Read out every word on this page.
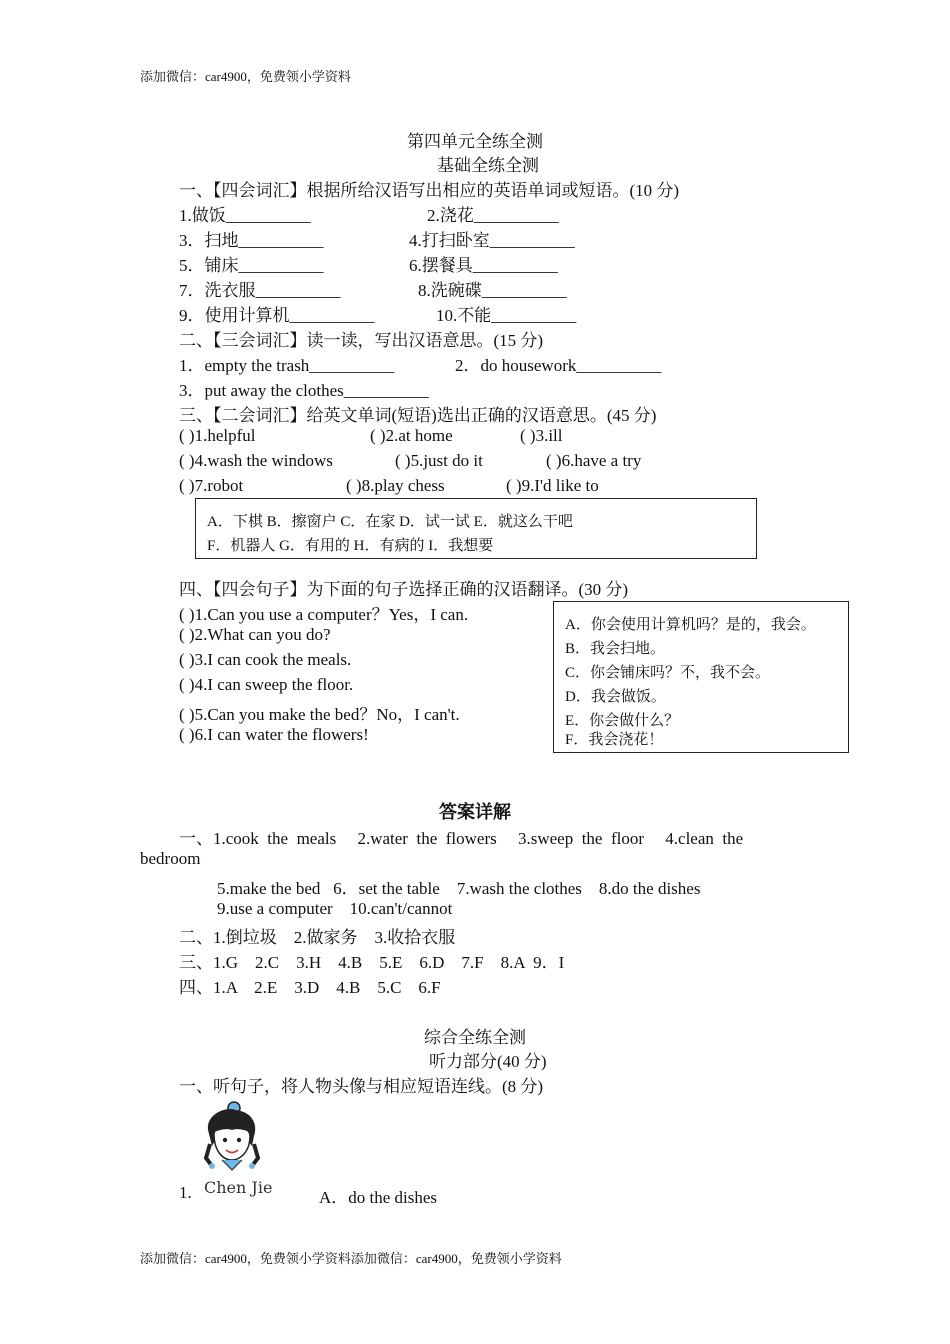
添加微信：car4900，免费领小学资料
第四单元全练全测
基础全练全测
一、【四会词汇】根据所给汉语写出相应的英语单词或短语。(10 分)
1.做饭__________	2.浇花__________
3．扫地__________	4.打扫卧室__________
5．铺床__________	6.摆餐具__________
7．洗衣服__________	8.洗碗碟__________
9．使用计算机__________	10.不能__________
二、【三会词汇】读一读，写出汉语意思。(15 分)
1．empty the trash__________	2．do housework__________
3．put away the clothes__________
三、【二会词汇】给英文单词(短语)选出正确的汉语意思。(45 分)
( )1.helpful	( )2.at home	( )3.ill
( )4.wash the windows	( )5.just do it	( )6.have a try
( )7.robot	( )8.play chess	( )9.I'd like to
A．下棋 B．擦窗户 C．在家 D．试一试 E．就这么干吧
F．机器人 G．有用的 H．有病的 I．我想要
四、【四会句子】为下面的句子选择正确的汉语翻译。(30 分)
( )1.Can you use a computer？Yes，I can.
( )2.What can you do?
( )3.I can cook the meals.
( )4.I can sweep the floor.
( )5.Can you make the bed？No，I can't.
( )6.I can water the flowers!
A．你会使用计算机吗？是的，我会。
B．我会扫地。
C．你会铺床吗？不，我不会。
D．我会做饭。
E．你会做什么？
F．我会浇花！
答案详解
一、1.cook  the  meals     2.water  the  flowers     3.sweep  the  floor     4.clean  the
bedroom
5.make the bed   6．set the table    7.wash the clothes    8.do the dishes
9.use a computer    10.can't/cannot
二、1.倒垃圾    2.做家务    3.收拾衣服
三、1.G    2.C    3.H    4.B    5.E    6.D    7.F    8.A  9．I
四、1.A    2.E    3.D    4.B    5.C    6.F
综合全练全测
听力部分(40 分)
一、听句子，将人物头像与相应短语连线。(8 分)
Chen Jie
1.	A．do the dishes
添加微信：car4900，免费领小学资料添加微信：car4900，免费领小学资料
